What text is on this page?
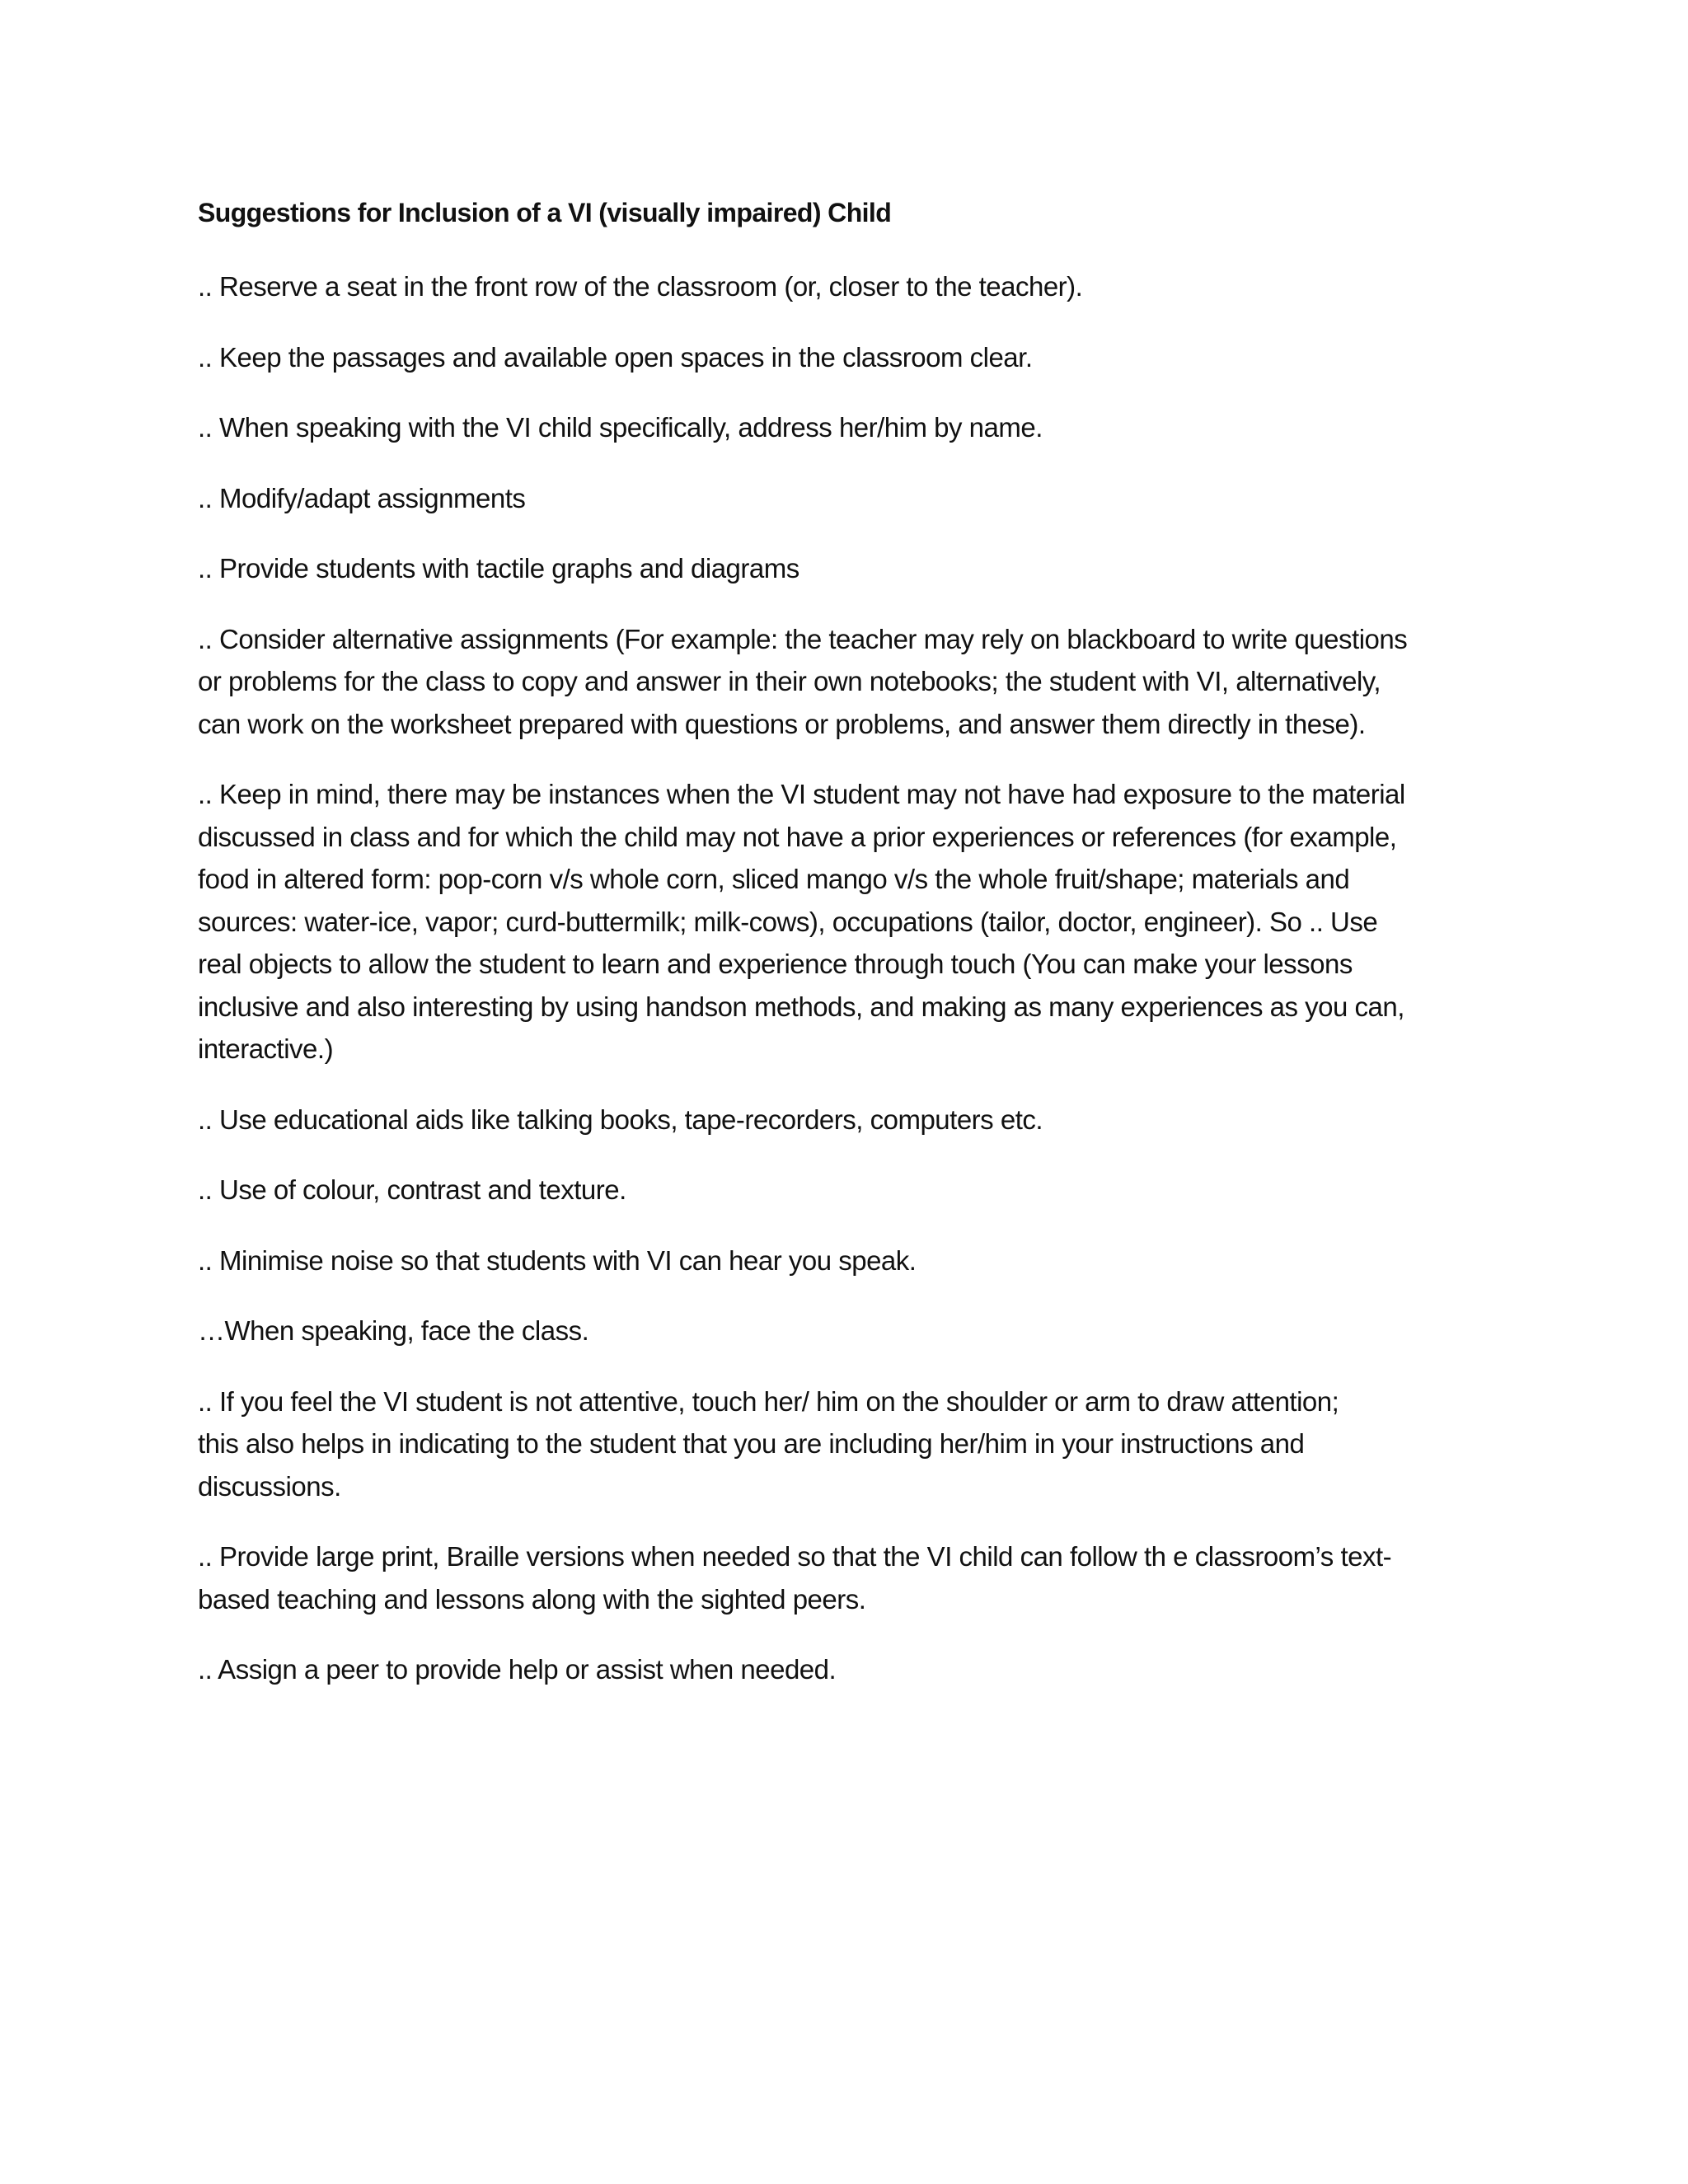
Suggestions for Inclusion of a VI (visually impaired) Child

.. Reserve a seat in the front row of the classroom (or, closer to the teacher).

.. Keep the passages and available open spaces in the classroom clear.

.. When speaking with the VI child specifically, address her/him by name.

.. Modify/adapt assignments

.. Provide students with tactile graphs and diagrams

.. Consider alternative assignments (For example: the teacher may rely on blackboard to write questions
or problems for the class to copy and answer in their own notebooks; the student with VI, alternatively,
can work on the worksheet prepared with questions or problems, and answer them directly in these).

.. Keep in mind, there may be instances when the VI student may not have had exposure to the material
discussed in class and for which the child may not have a prior experiences or references (for example,
food in altered form: pop-corn v/s whole corn, sliced mango v/s the whole fruit/shape; materials and
sources: water-ice, vapor; curd-buttermilk; milk-cows), occupations (tailor, doctor, engineer). So .. Use
real objects to allow the student to learn and experience through touch (You can make your lessons
inclusive and also interesting by using handson methods, and making as many experiences as you can,
interactive.)

.. Use educational aids like talking books, tape-recorders, computers etc.

.. Use of colour, contrast and texture.

.. Minimise noise so that students with VI can hear you speak.

…When speaking, face the class.

.. If you feel the VI student is not attentive, touch her/ him on the shoulder or arm to draw attention;
this also helps in indicating to the student that you are including her/him in your instructions and
discussions.

.. Provide large print, Braille versions when needed so that the VI child can follow th e classroom’s text-
based teaching and lessons along with the sighted peers.

.. Assign a peer to provide help or assist when needed.
